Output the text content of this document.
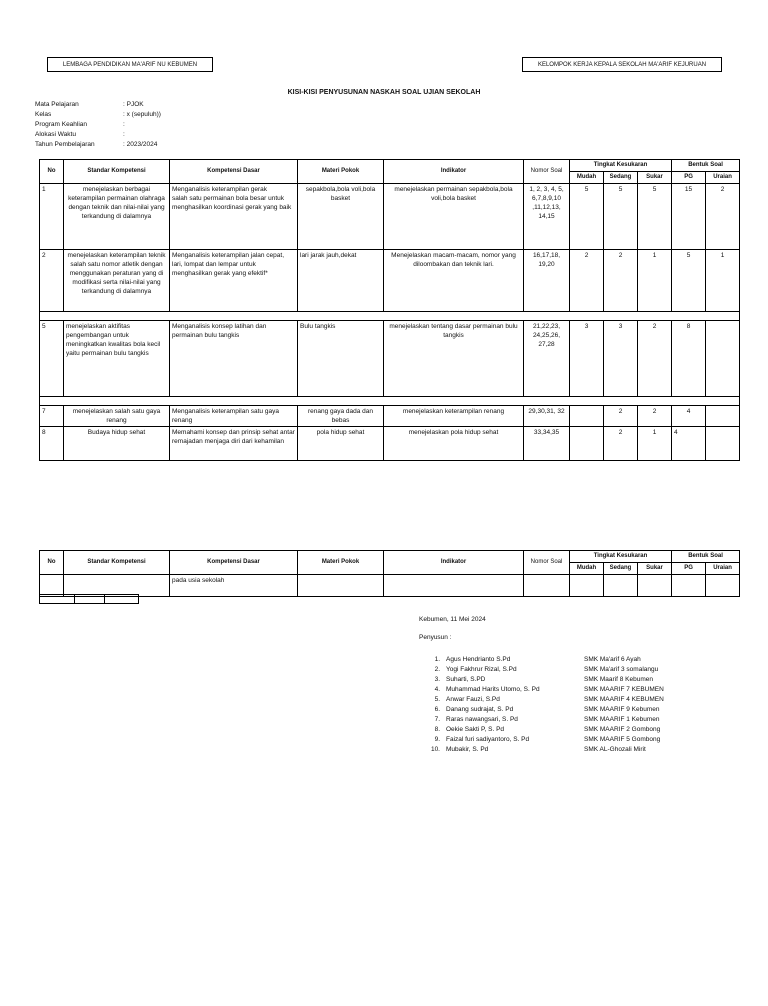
LEMBAGA PENDIDIKAN MA'ARIF NU KEBUMEN	KELOMPOK KERJA KEPALA SEKOLAH MA'ARIF KEJURUAN
KISI-KISI PENYUSUNAN NASKAH SOAL UJIAN SEKOLAH
Mata Pelajaran	: PJOK
Kelas	: x (sepuluh))
Program Keahlian	:
Alokasi Waktu	:
Tahun Pembelajaran	: 2023/2024
No	Standar Kompetensi	Kompetensi Dasar	Materi Pokok	Indikator	Nomor Soal	Tingkat Kesukaran			Bentuk Soal	
						Mudah	Sedang	Sukar	PG	Uraian
1	menejelaskan berbagai keterampilan permainan olahraga dengan teknik dan nilai-nilai yang terkandung di dalamnya	Menganalisis keterampilan gerak
salah satu permainan bola besar untuk menghasilkan koordinasi gerak yang baik	sepakbola,bola voli,bola basket	menejelaskan permainan sepakbola,bola voli,bola basket	1, 2, 3, 4, 5, 6,7,8,9,10 ,11,12,13, 14,15	5	5	5	15	2
2	menejelaskan keterampilan teknik salah satu nomor atletik dengan menggunakan peraturan yang di modifikasi serta nilai-nilai yang terkandung di dalamnya	Menganalisis keterampilan jalan cepat, lari, lompat dan lempar untuk menghasilkan gerak yang efektif*	lari jarak jauh,dekat	Menejelaskan macam-macam, nomor yang diloombakan dan teknik lari.	16,17,18, 19,20	2	2	1	5	1

5	menejelaskan aktifitas pengembangan untuk meningkatkan kwalitas bola kecil yaitu permainan bulu tangkis	Menganalisis konsep latihan dan permainan bulu tangkis	Bulu tangkis	menejelaskan tentang dasar permainan bulu tangkis	21,22,23, 24,25,26, 27,28	3	3	2	8	

7	menejelaskan salah satu gaya renang	Menganalisis keterampilan satu gaya renang	renang gaya dada dan bebas	menejelaskan keterampilan renang	29,30,31, 32		2	2	4	
8	Budaya hidup sehat	Memahami konsep dan prinsip sehat antar remajadan menjaga diri dari kehamilan	pola hidup sehat	menejelaskan pola hidup sehat	33,34,35		2	1	4	
No	Standar Kompetensi	Kompetensi Dasar	Materi Pokok	Indikator	Nomor Soal	Tingkat Kesukaran			Bentuk Soal	
						Mudah	Sedang	Sukar	PG	Uraian
		pada usia sekolah								
Kebumen, 11 Mei 2024
Penyusun :
1. Agus Hendrianto S.Pd	SMK Ma'arif 6 Ayah
2. Yogi Fakhrur Rizal, S.Pd	SMK Ma'arif 3 somalangu
3. Suharti, S.PD	SMK Maarif 8 Kebumen
4. Muhammad Harits Utomo, S. Pd	SMK MAARIF 7 KEBUMEN
5. Anwar Fauzi, S.Pd	SMK MAARIF 4 KEBUMEN
6. Danang sudrajat, S. Pd	SMK MAARIF 9 Kebumen
7. Raras nawangsari, S. Pd	SMK MAARIF 1 Kebumen
8. Oekie Sakti P, S. Pd	SMK MAARIF 2 Gombong
9. Faizal furi sadiyantoro, S. Pd	SMK MAARIF 5 Gombong
10. Mubakir, S. Pd	SMK AL-Ghozali Mirit
